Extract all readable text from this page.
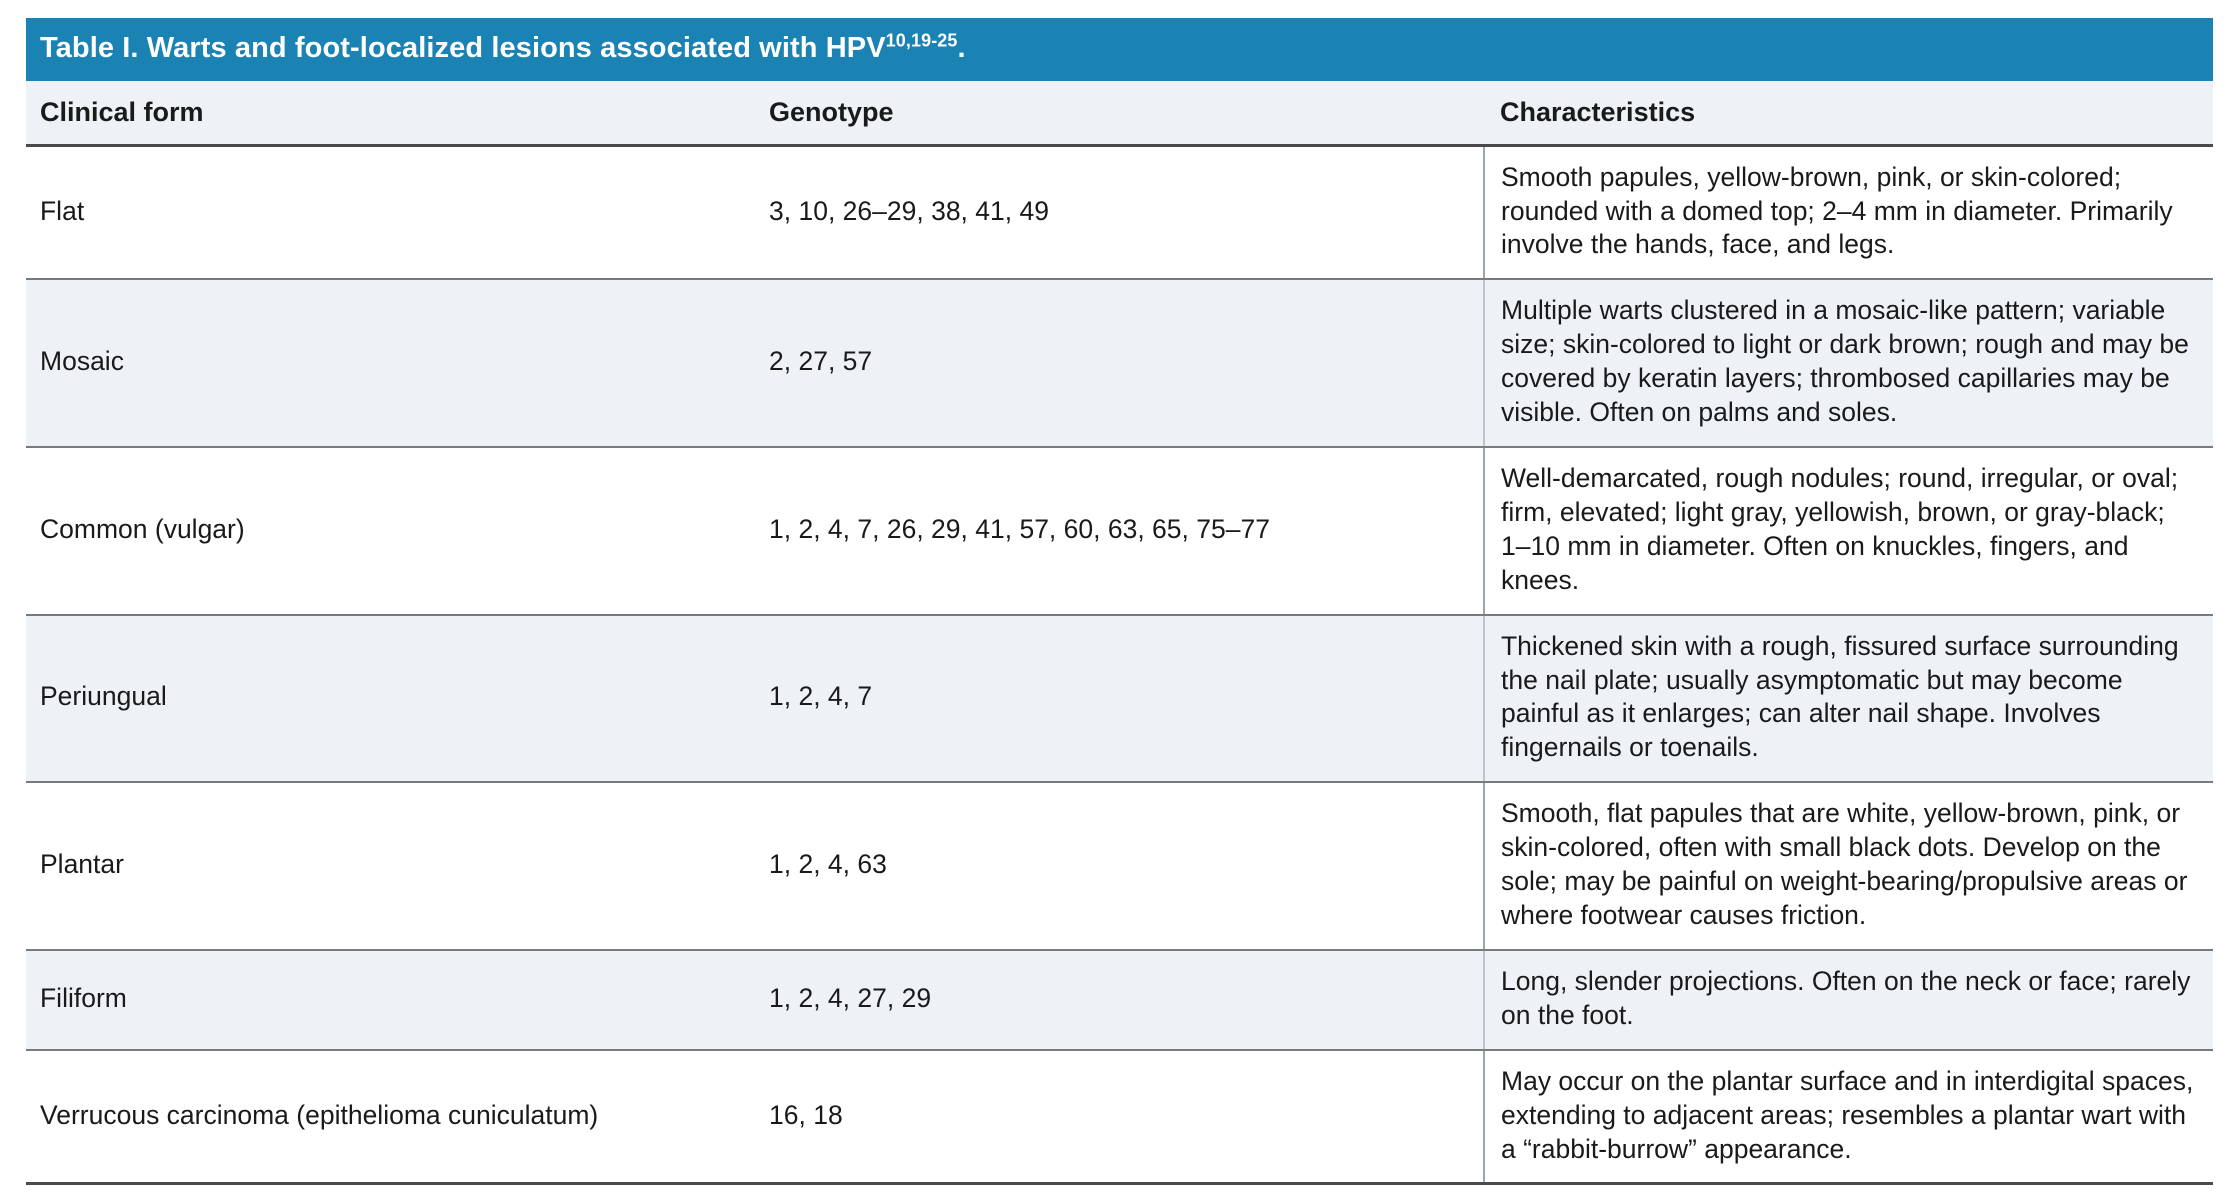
Table I. Warts and foot-localized lesions associated with HPV$^{10,19-25}$.		
Clinical form	Genotype	Characteristics
Flat	3, 10, 26–29, 38, 41, 49	Smooth papules, yellow-brown, pink, or skin-colored; rounded with a domed top; 2–4 mm in diameter. Primarily involve the hands, face, and legs.
Mosaic	2, 27, 57	Multiple warts clustered in a mosaic-like pattern; variable size; skin-colored to light or dark brown; rough and may be covered by keratin layers; thrombosed capillaries may be visible. Often on palms and soles.
Common (vulgar)	1, 2, 4, 7, 26, 29, 41, 57, 60, 63, 65, 75–77	Well-demarcated, rough nodules; round, irregular, or oval; firm, elevated; light gray, yellowish, brown, or gray-black; 1–10 mm in diameter. Often on knuckles, fingers, and knees.
Periungual	1, 2, 4, 7	Thickened skin with a rough, fissured surface surrounding the nail plate; usually asymptomatic but may become painful as it enlarges; can alter nail shape. Involves fingernails or toenails.
Plantar	1, 2, 4, 63	Smooth, flat papules that are white, yellow-brown, pink, or skin-colored, often with small black dots. Develop on the sole; may be painful on weight-bearing/propulsive areas or where footwear causes friction.
Filiform	1, 2, 4, 27, 29	Long, slender projections. Often on the neck or face; rarely on the foot.
Verrucous carcinoma (epithelioma cuniculatum)	16, 18	May occur on the plantar surface and in interdigital spaces, extending to adjacent areas; resembles a plantar wart with a “rabbit-burrow” appearance.
